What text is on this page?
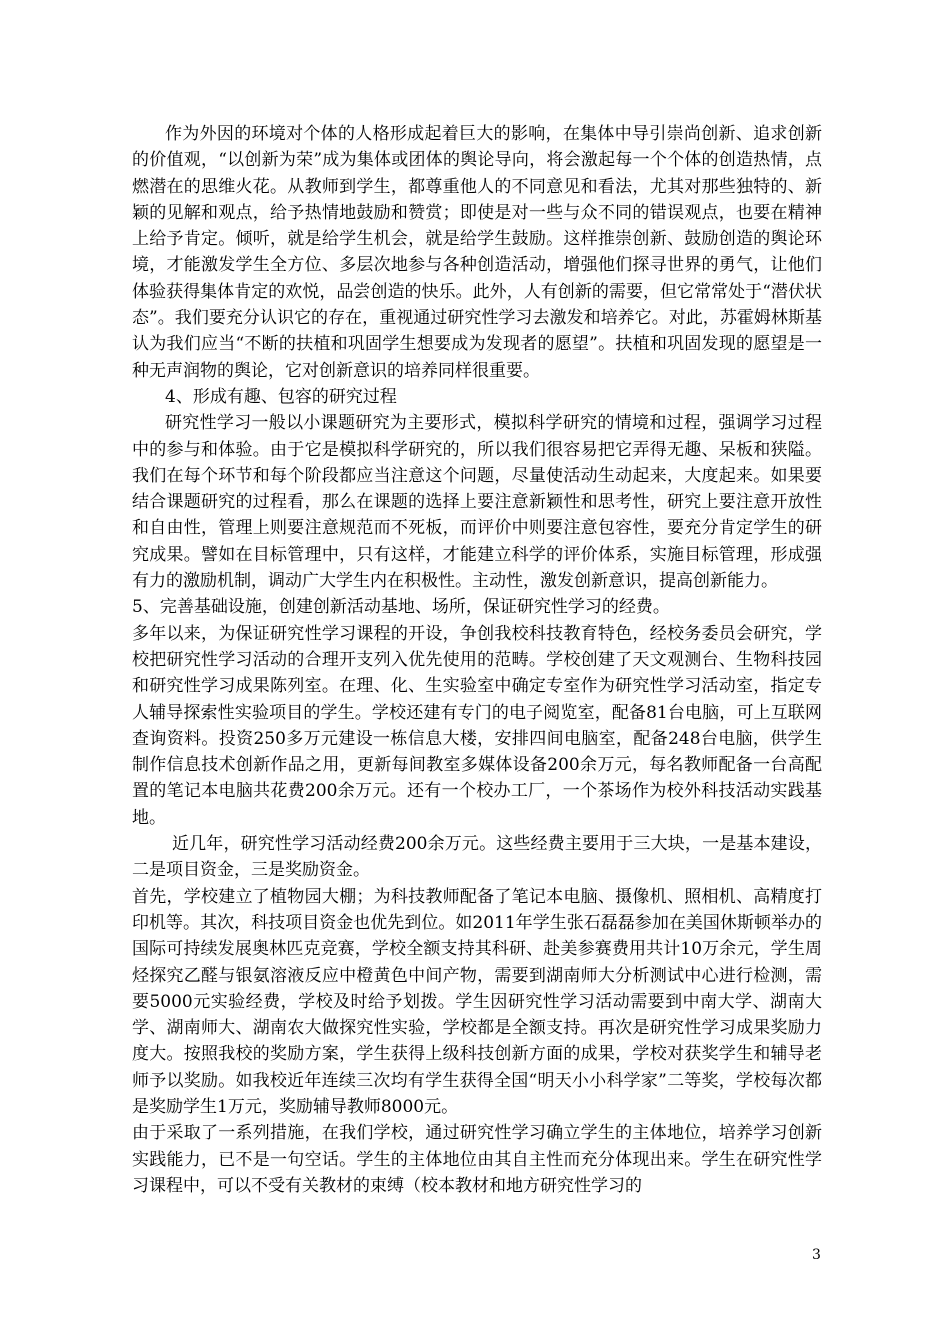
作为外因的环境对个体的人格形成起着巨大的影响，在集体中导引崇尚创新、追求创新的价值观，“以创新为荣”成为集体或团体的舆论导向，将会激起每一个个体的创造热情，点燃潜在的思维火花。从教师到学生，都尊重他人的不同意见和看法，尤其对那些独特的、新颖的见解和观点，给予热情地鼓励和赞赏；即使是对一些与众不同的错误观点，也要在精神上给予肯定。倾听，就是给学生机会，就是给学生鼓励。这样推崇创新、鼓励创造的舆论环境，才能激发学生全方位、多层次地参与各种创造活动，增强他们探寻世界的勇气，让他们体验获得集体肯定的欢悦，品尝创造的快乐。此外，人有创新的需要，但它常常处于“潜伏状态”。我们要充分认识它的存在，重视通过研究性学习去激发和培养它。对此，苏霍姆林斯基认为我们应当“不断的扶植和巩固学生想要成为发现者的愿望”。扶植和巩固发现的愿望是一种无声润物的舆论，它对创新意识的培养同样很重要。

4、形成有趣、包容的研究过程

研究性学习一般以小课题研究为主要形式，模拟科学研究的情境和过程，强调学习过程中的参与和体验。由于它是模拟科学研究的，所以我们很容易把它弄得无趣、呆板和狭隘。我们在每个环节和每个阶段都应当注意这个问题，尽量使活动生动起来，大度起来。如果要结合课题研究的过程看，那么在课题的选择上要注意新颖性和思考性，研究上要注意开放性和自由性，管理上则要注意规范而不死板，而评价中则要注意包容性，要充分肯定学生的研究成果。譬如在目标管理中，只有这样，才能建立科学的评价体系，实施目标管理，形成强有力的激励机制，调动广大学生内在积极性。主动性，激发创新意识，提高创新能力。

5、完善基础设施，创建创新活动基地、场所，保证研究性学习的经费。

多年以来，为保证研究性学习课程的开设，争创我校科技教育特色，经校务委员会研究，学校把研究性学习活动的合理开支列入优先使用的范畴。学校创建了天文观测台、生物科技园和研究性学习成果陈列室。在理、化、生实验室中确定专室作为研究性学习活动室，指定专人辅导探索性实验项目的学生。学校还建有专门的电子阅览室，配备81台电脑，可上互联网查询资料。投资250多万元建设一栋信息大楼，安排四间电脑室，配备248台电脑，供学生制作信息技术创新作品之用，更新每间教室多媒体设备200余万元，每名教师配备一台高配置的笔记本电脑共花费200余万元。还有一个校办工厂，一个茶场作为校外科技活动实践基地。

近几年，研究性学习活动经费200余万元。这些经费主要用于三大块，一是基本建设，二是项目资金，三是奖励资金。

首先，学校建立了植物园大棚；为科技教师配备了笔记本电脑、摄像机、照相机、高精度打印机等。其次，科技项目资金也优先到位。如2011年学生张石磊磊参加在美国休斯顿举办的国际可持续发展奥林匹克竞赛，学校全额支持其科研、赴美参赛费用共计10万余元，学生周烃探究乙醛与银氨溶液反应中橙黄色中间产物，需要到湖南师大分析测试中心进行检测，需要5000元实验经费，学校及时给予划拨。学生因研究性学习活动需要到中南大学、湖南大学、湖南师大、湖南农大做探究性实验，学校都是全额支持。再次是研究性学习成果奖励力度大。按照我校的奖励方案，学生获得上级科技创新方面的成果，学校对获奖学生和辅导老师予以奖励。如我校近年连续三次均有学生获得全国“明天小小科学家”二等奖，学校每次都是奖励学生1万元，奖励辅导教师8000元。

由于采取了一系列措施，在我们学校，通过研究性学习确立学生的主体地位，培养学习创新实践能力，已不是一句空话。学生的主体地位由其自主性而充分体现出来。学生在研究性学习课程中，可以不受有关教材的束缚（校本教材和地方研究性学习的

3
